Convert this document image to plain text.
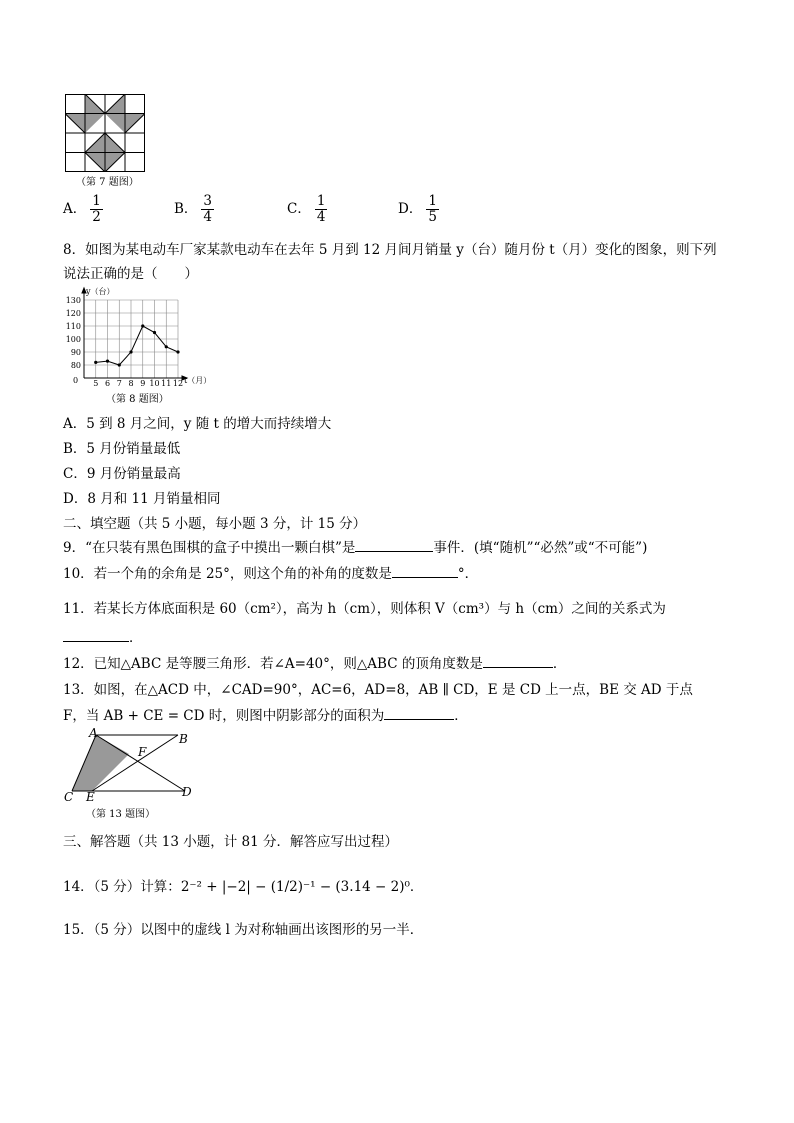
（第 7 题图）
A． $\frac{1}{2}$	B． $\frac{3}{4}$	C． $\frac{1}{4}$	D． $\frac{1}{5}$
8．如图为某电动车厂家某款电动车在去年 5 月到 12 月间月销量 y（台）随月份 t（月）变化的图象，则下列
说法正确的是（　　）
5 6 7 8 9 10 11 12
80
90
100
110
120
130
y（台）
t（月）
0
（第 8 题图）
A．5 到 8 月之间，y 随 t 的增大而持续增大
B．5 月份销量最低
C．9 月份销量最高
D．8 月和 11 月销量相同
二、填空题（共 5 小题，每小题 3 分，计 15 分）
9．“在只装有黑色围棋的盒子中摸出一颗白棋”是	事件．(填“随机”“必然”或“不可能”)
10．若一个角的余角是 25°，则这个角的补角的度数是	°．
11．若某长方体底面积是 60（cm²），高为 h（cm），则体积 V（cm³）与 h（cm）之间的关系式为
．
12．已知△ABC 是等腰三角形．若∠A=40°，则△ABC 的顶角度数是	．
13．如图，在△ACD 中，∠CAD=90°，AC=6，AD=8，AB ∥ CD，E 是 CD 上一点，BE 交 AD 于点
F，当 AB + CE = CD 时，则图中阴影部分的面积为	．
A	B
C	D
E
F
（第 13 题图）
三、解答题（共 13 小题，计 81 分．解答应写出过程）
14．（5 分）计算：2⁻² + |−2| − (1/2)⁻¹ − (3.14 − 2)⁰．
15．（5 分）以图中的虚线 l 为对称轴画出该图形的另一半．
